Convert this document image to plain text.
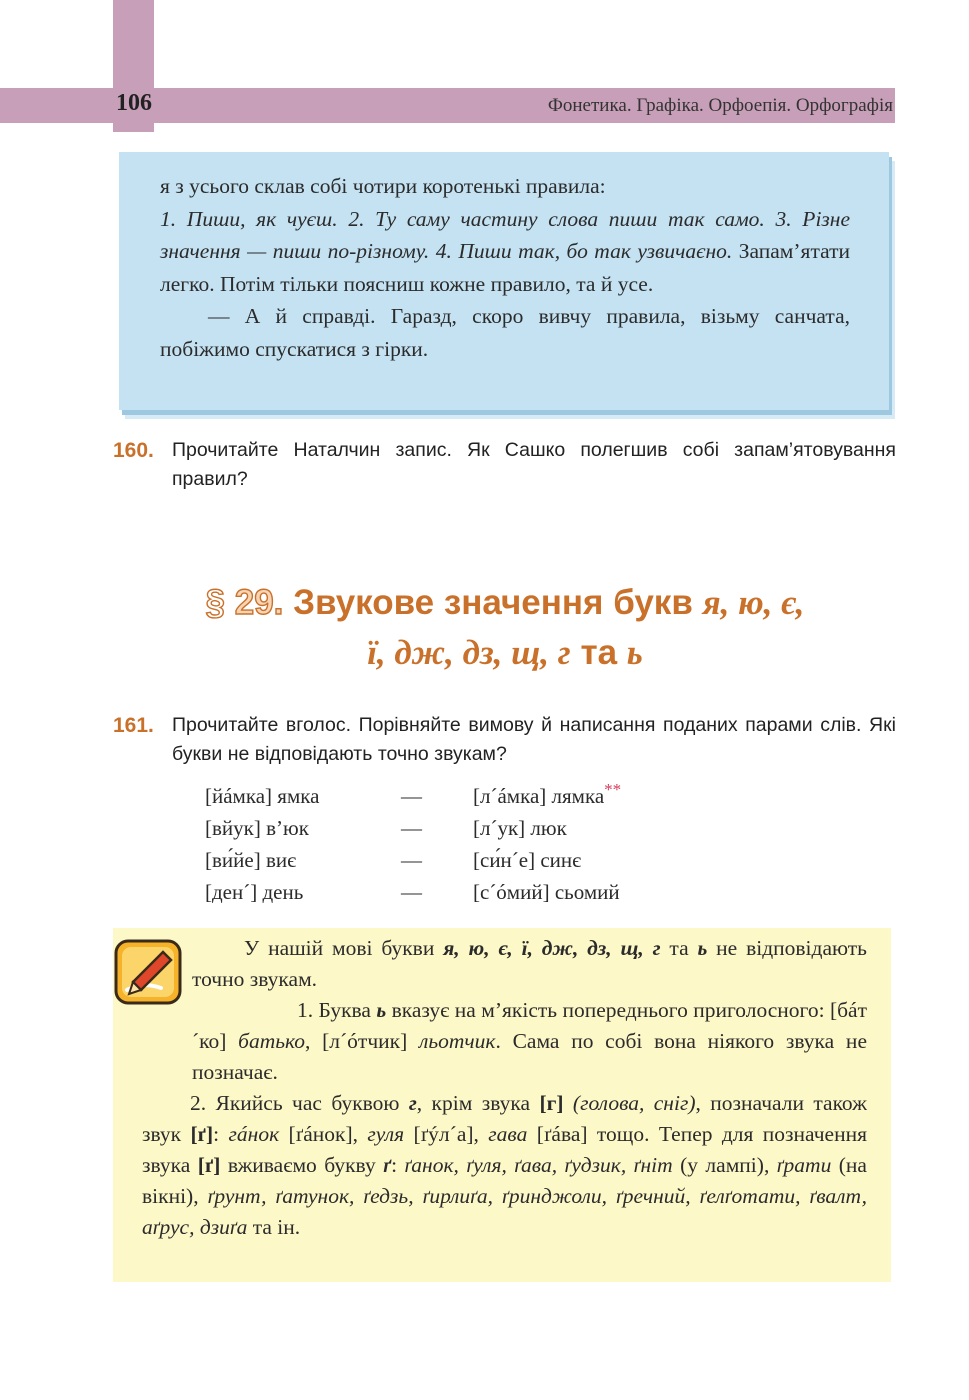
106	Фонетика. Графіка. Орфоепія. Орфографія

я з усього склав собі чотири коротенькі правила:
1. Пиши, як чуєш. 2. Ту саму частину слова пиши так само. 3. Різне значення — пиши по-різному. 4. Пиши так, бо так узвичаєно. Запам’ятати легко. Потім тільки поясниш кожне правило, та й усе.

— А й справді. Гаразд, скоро вивчу правила, візьму санчата, побіжимо спускатися з гірки.

160. Прочитайте Наталчин запис. Як Сашко полегшив собі запам’ятовування правил?
§ 29. Звукове значення букв я, ю, є,
ї, дж, дз, щ, г та ь
161. Прочитайте вголос. Порівняйте вимову й написання поданих парами слів. Які букви не відповідають точно звукам?
[йáмка] ямка	— [л´áмка] лямка**
[вйук] в’юк	— [л´ук] люк
[ви́йе] виє	— [си́н´е] синє
[ден´] день	— [с´óмий] сьомий

У нашій мові букви я, ю, є, ї, дж, дз, щ, г та ь не відповідають точно звукам.

1. Буква ь вказує на м’якість попереднього приголосного: [бáт´ко] батько, [л´óтчик] льотчик. Сама по собі вона ніякого звука не позначає.

2. Якийсь час буквою г, крім звука [г] (голова, сніг), позначали також звук [ґ]: гáнок [ґáнок], гуля [ґýл´а], гава [ґáва] тощо. Тепер для позначення звука [ґ] вживаємо букву ґ: ґанок, ґуля, ґава, ґудзик, ґніт (у лампі), ґрати (на вікні), ґрунт, ґатунок, ґедзь, ґирлиґа, ґринджоли, ґречний, ґелґотати, ґвалт, аґрус, дзиґа та ін.
